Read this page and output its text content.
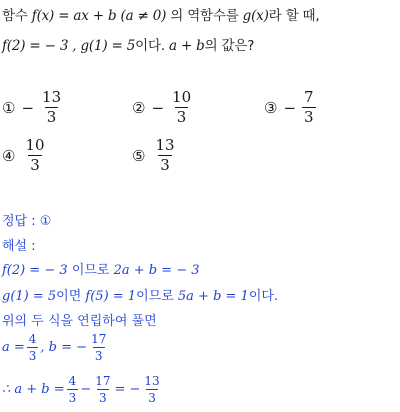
함수 f(x) = ax + b (a ≠ 0) 의 역함수를 g(x)라 할 때,
f(2) = − 3 , g(1) = 5이다. a + b의 값은?
① − $\frac{13}{3}$	② − $\frac{10}{3}$	③ − $\frac{7}{3}$
④ $\frac{10}{3}$	⑤ $\frac{13}{3}$
정답 : ①
해설 :
f(2) = − 3 이므로 2a + b = − 3
g(1) = 5이면 f(5) = 1이므로 5a + b = 1이다.
위의 두 식을 연립하여 풀면
$a = \frac{4}{3}$ , b = − $\frac{17}{3}$
∴ $a + b = \frac{4}{3} - \frac{17}{3}$ = − $\frac{13}{3}$
